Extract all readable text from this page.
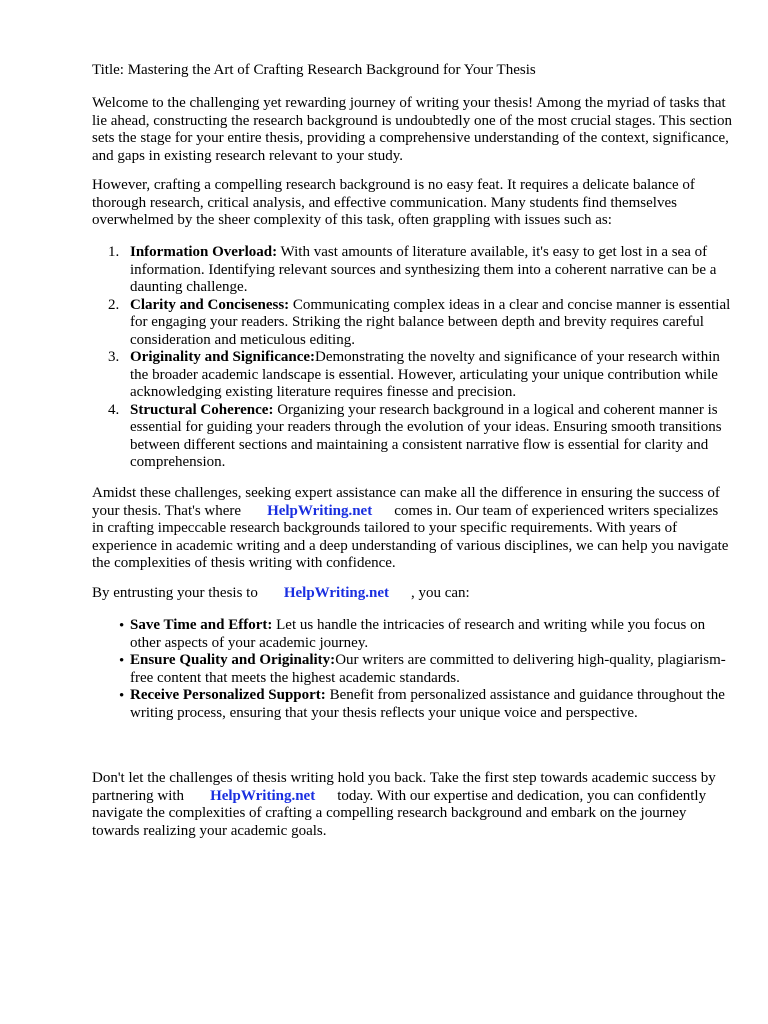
Title: Mastering the Art of Crafting Research Background for Your Thesis

Welcome to the challenging yet rewarding journey of writing your thesis! Among the myriad of tasks that lie ahead, constructing the research background is undoubtedly one of the most crucial stages. This section sets the stage for your entire thesis, providing a comprehensive understanding of the context, significance, and gaps in existing research relevant to your study.

However, crafting a compelling research background is no easy feat. It requires a delicate balance of thorough research, critical analysis, and effective communication. Many students find themselves overwhelmed by the sheer complexity of this task, often grappling with issues such as:

1. Information Overload: With vast amounts of literature available, it's easy to get lost in a sea of information. Identifying relevant sources and synthesizing them into a coherent narrative can be a daunting challenge.
2. Clarity and Conciseness: Communicating complex ideas in a clear and concise manner is essential for engaging your readers. Striking the right balance between depth and brevity requires careful consideration and meticulous editing.
3. Originality and Significance:Demonstrating the novelty and significance of your research within the broader academic landscape is essential. However, articulating your unique contribution while acknowledging existing literature requires finesse and precision.
4. Structural Coherence: Organizing your research background in a logical and coherent manner is essential for guiding your readers through the evolution of your ideas. Ensuring smooth transitions between different sections and maintaining a consistent narrative flow is essential for clarity and comprehension.

Amidst these challenges, seeking expert assistance can make all the difference in ensuring the success of your thesis. That's where HelpWriting.net comes in. Our team of experienced writers specializes in crafting impeccable research backgrounds tailored to your specific requirements. With years of experience in academic writing and a deep understanding of various disciplines, we can help you navigate the complexities of thesis writing with confidence.

By entrusting your thesis to HelpWriting.net , you can:

• Save Time and Effort: Let us handle the intricacies of research and writing while you focus on other aspects of your academic journey.
• Ensure Quality and Originality:Our writers are committed to delivering high-quality, plagiarism-free content that meets the highest academic standards.
• Receive Personalized Support: Benefit from personalized assistance and guidance throughout the writing process, ensuring that your thesis reflects your unique voice and perspective.

Don't let the challenges of thesis writing hold you back. Take the first step towards academic success by partnering with HelpWriting.net today. With our expertise and dedication, you can confidently navigate the complexities of crafting a compelling research background and embark on the journey towards realizing your academic goals.
